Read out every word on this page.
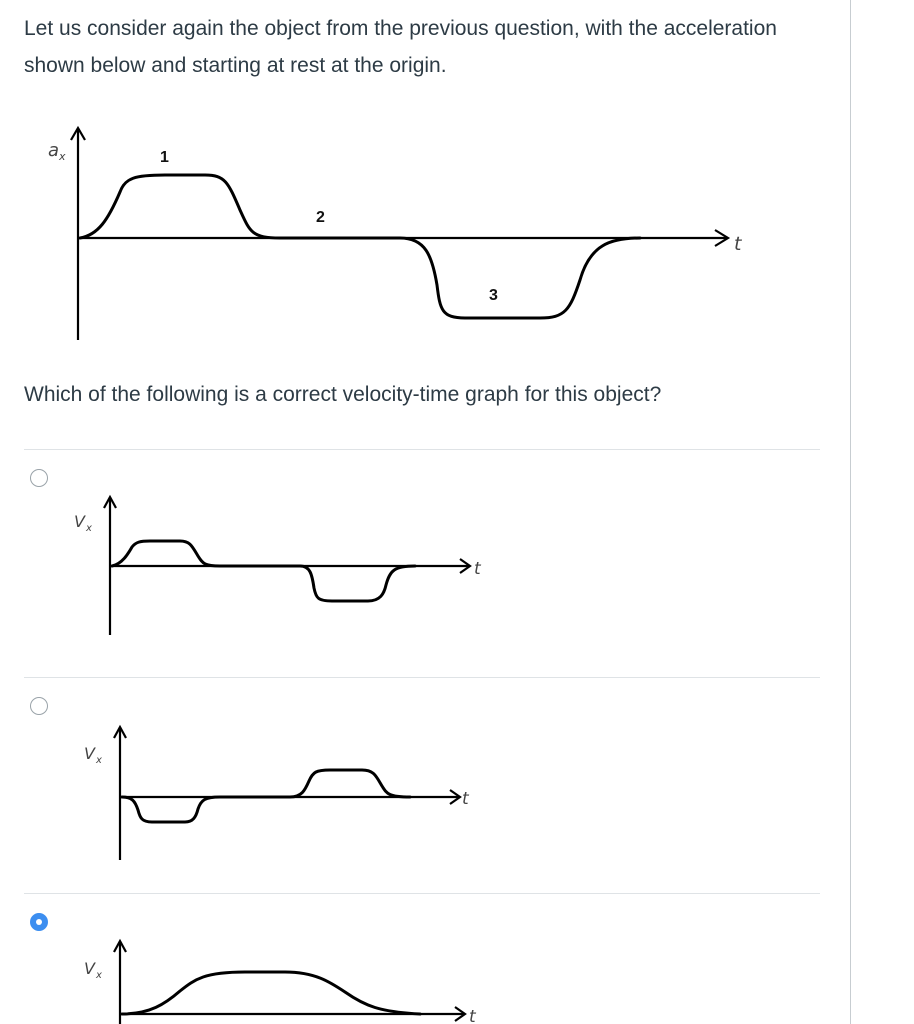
Let us consider again the object from the previous question, with the acceleration shown below and starting at rest at the origin.

a x
t
1
2
3

Which of the following is a correct velocity-time graph for this object?

V x
t
V x
t
V x
t
